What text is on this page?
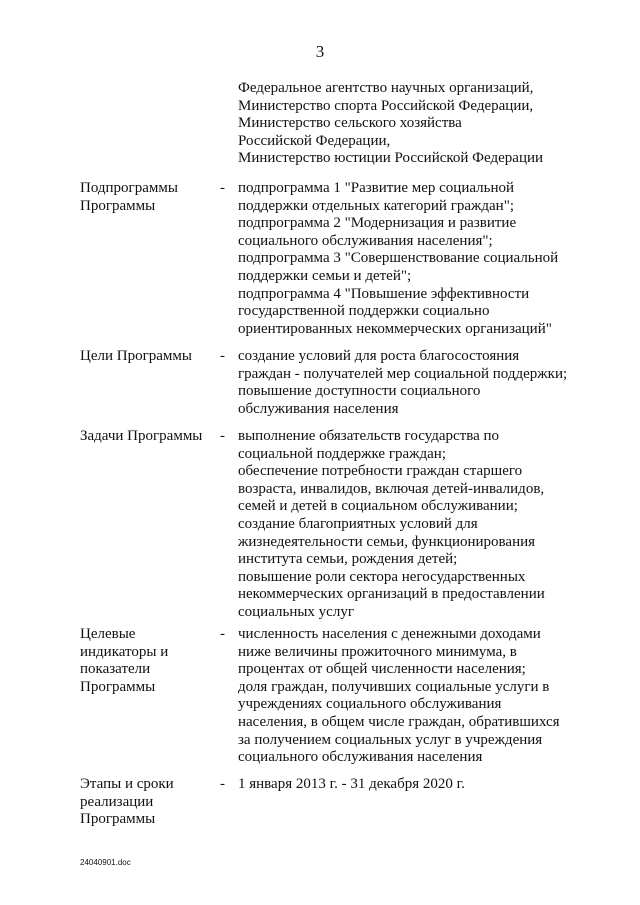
3
Федеральное агентство научных организаций,
Министерство спорта Российской Федерации,
Министерство сельского хозяйства
Российской Федерации,
Министерство юстиции Российской Федерации
Подпрограммы
Программы
- подпрограмма 1 "Развитие мер социальной
поддержки отдельных категорий граждан";
подпрограмма 2 "Модернизация и развитие
социального обслуживания населения";
подпрограмма 3 "Совершенствование социальной
поддержки семьи и детей";
подпрограмма 4 "Повышение эффективности
государственной поддержки социально
ориентированных некоммерческих организаций"
Цели Программы	- создание условий для роста благосостояния
граждан - получателей мер социальной поддержки;
повышение доступности социального
обслуживания населения
Задачи Программы	- выполнение обязательств государства по
социальной поддержке граждан;
обеспечение потребности граждан старшего
возраста, инвалидов, включая детей-инвалидов,
семей и детей в социальном обслуживании;
создание благоприятных условий для
жизнедеятельности семьи, функционирования
института семьи, рождения детей;
повышение роли сектора негосударственных
некоммерческих организаций в предоставлении
социальных услуг
Целевые
индикаторы и
показатели
Программы
- численность населения с денежными доходами
ниже величины прожиточного минимума, в
процентах от общей численности населения;
доля граждан, получивших социальные услуги в
учреждениях социального обслуживания
населения, в общем числе граждан, обратившихся
за получением социальных услуг в учреждения
социального обслуживания населения
Этапы и сроки
реализации
Программы
- 1 января 2013 г. - 31 декабря 2020 г.
24040901.doc
